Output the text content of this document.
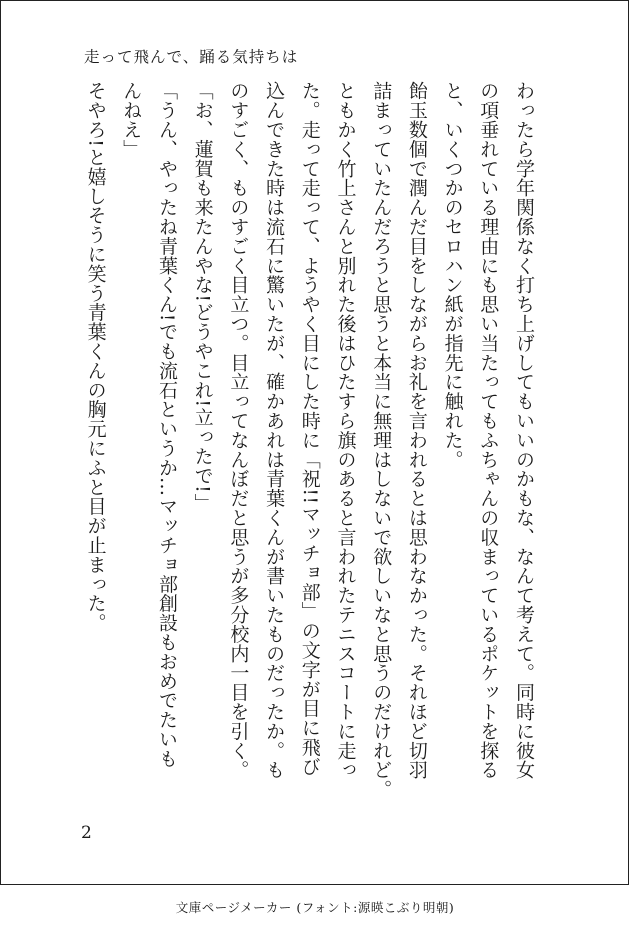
走って飛んで、踊る気持ちは
わったら学年関係なく打ち上げしてもいいのかもな、なんて考えて。同時に彼女
の項垂れている理由にも思い当たってもふちゃんの収まっているポケットを探る
と、いくつかのセロハン紙が指先に触れた。
飴玉数個で潤んだ目をしながらお礼を言われるとは思わなかった。それほど切羽
詰まっていたんだろうと思うと本当に無理はしないで欲しいなと思うのだけれど。
ともかく竹上さんと別れた後はひたすら旗のあると言われたテニスコートに走っ
た。走って走って、ようやく目にした時に「祝!!マッチョ部」の文字が目に飛び
込んできた時は流石に驚いたが、確かあれは青葉くんが書いたものだったか。も
のすごく、ものすごく目立つ。目立ってなんぼだと思うが多分校内一目を引く。
「お、蓮賀も来たんやな!どうやこれ!立ったで!」
「うん、やったね青葉くん!でも流石というか…マッチョ部創設もおめでたいも
んねえ」
そやろ!と嬉しそうに笑う青葉くんの胸元にふと目が止まった。
2
文庫ページメーカー (フォント:源暎こぶり明朝)
